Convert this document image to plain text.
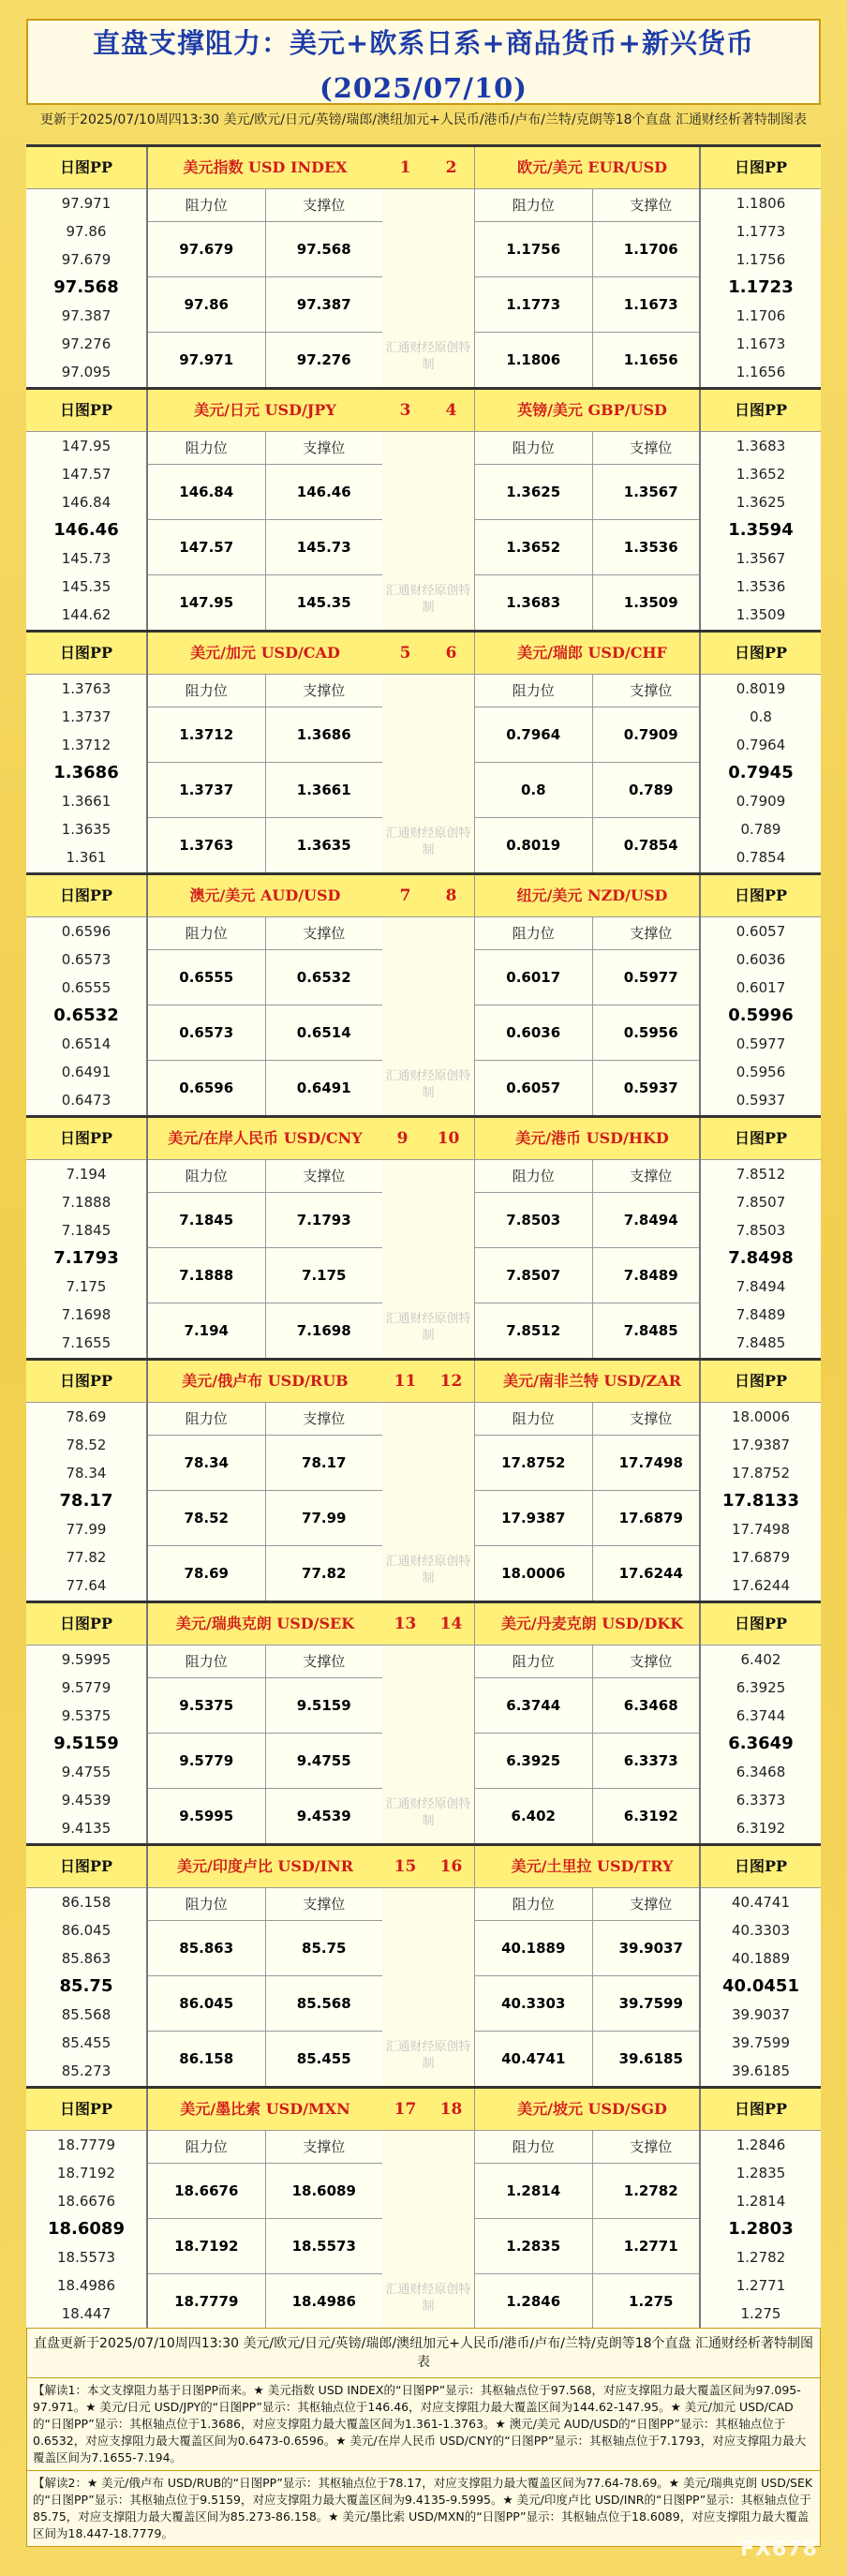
直盘支撑阻力：美元+欧系日系+商品货币+新兴货币(2025/07/10)
更新于2025/07/10周四13:30 美元/欧元/日元/英镑/瑞郎/澳纽加元+人民币/港币/卢布/兰特/克朗等18个直盘 汇通财经析著特制图表
日图PP
97.971
97.86
97.679
97.568
97.387
97.276
97.095
美元指数 USD INDEX
阻力位	支撑位
97.679	97.568
97.86	97.387
97.971	97.276
1 2
汇通财经原创特制
欧元/美元 EUR/USD
阻力位	支撑位
1.1756	1.1706
1.1773	1.1673
1.1806	1.1656
日图PP
1.1806
1.1773
1.1756
1.1723
1.1706
1.1673
1.1656
日图PP
147.95
147.57
146.84
146.46
145.73
145.35
144.62
美元/日元 USD/JPY
阻力位	支撑位
146.84	146.46
147.57	145.73
147.95	145.35
3 4
汇通财经原创特制
英镑/美元 GBP/USD
阻力位	支撑位
1.3625	1.3567
1.3652	1.3536
1.3683	1.3509
日图PP
1.3683
1.3652
1.3625
1.3594
1.3567
1.3536
1.3509
日图PP
1.3763
1.3737
1.3712
1.3686
1.3661
1.3635
1.361
美元/加元 USD/CAD
阻力位	支撑位
1.3712	1.3686
1.3737	1.3661
1.3763	1.3635
5 6
汇通财经原创特制
美元/瑞郎 USD/CHF
阻力位	支撑位
0.7964	0.7909
0.8	0.789
0.8019	0.7854
日图PP
0.8019
0.8
0.7964
0.7945
0.7909
0.789
0.7854
日图PP
0.6596
0.6573
0.6555
0.6532
0.6514
0.6491
0.6473
澳元/美元 AUD/USD
阻力位	支撑位
0.6555	0.6532
0.6573	0.6514
0.6596	0.6491
7 8
汇通财经原创特制
纽元/美元 NZD/USD
阻力位	支撑位
0.6017	0.5977
0.6036	0.5956
0.6057	0.5937
日图PP
0.6057
0.6036
0.6017
0.5996
0.5977
0.5956
0.5937
日图PP
7.194
7.1888
7.1845
7.1793
7.175
7.1698
7.1655
美元/在岸人民币 USD/CNY
阻力位	支撑位
7.1845	7.1793
7.1888	7.175
7.194	7.1698
9 10
汇通财经原创特制
美元/港币 USD/HKD
阻力位	支撑位
7.8503	7.8494
7.8507	7.8489
7.8512	7.8485
日图PP
7.8512
7.8507
7.8503
7.8498
7.8494
7.8489
7.8485
日图PP
78.69
78.52
78.34
78.17
77.99
77.82
77.64
美元/俄卢布 USD/RUB
阻力位	支撑位
78.34	78.17
78.52	77.99
78.69	77.82
11 12
汇通财经原创特制
美元/南非兰特 USD/ZAR
阻力位	支撑位
17.8752	17.7498
17.9387	17.6879
18.0006	17.6244
日图PP
18.0006
17.9387
17.8752
17.8133
17.7498
17.6879
17.6244
日图PP
9.5995
9.5779
9.5375
9.5159
9.4755
9.4539
9.4135
美元/瑞典克朗 USD/SEK
阻力位	支撑位
9.5375	9.5159
9.5779	9.4755
9.5995	9.4539
13 14
汇通财经原创特制
美元/丹麦克朗 USD/DKK
阻力位	支撑位
6.3744	6.3468
6.3925	6.3373
6.402	6.3192
日图PP
6.402
6.3925
6.3744
6.3649
6.3468
6.3373
6.3192
日图PP
86.158
86.045
85.863
85.75
85.568
85.455
85.273
美元/印度卢比 USD/INR
阻力位	支撑位
85.863	85.75
86.045	85.568
86.158	85.455
15 16
汇通财经原创特制
美元/土里拉 USD/TRY
阻力位	支撑位
40.1889	39.9037
40.3303	39.7599
40.4741	39.6185
日图PP
40.4741
40.3303
40.1889
40.0451
39.9037
39.7599
39.6185
日图PP
18.7779
18.7192
18.6676
18.6089
18.5573
18.4986
18.447
美元/墨比索 USD/MXN
阻力位	支撑位
18.6676	18.6089
18.7192	18.5573
18.7779	18.4986
17 18
汇通财经原创特制
美元/坡元 USD/SGD
阻力位	支撑位
1.2814	1.2782
1.2835	1.2771
1.2846	1.275
日图PP
1.2846
1.2835
1.2814
1.2803
1.2782
1.2771
1.275
直盘更新于2025/07/10周四13:30 美元/欧元/日元/英镑/瑞郎/澳纽加元+人民币/港币/卢布/兰特/克朗等18个直盘 汇通财经析著特制图表
【解读1：本文支撑阻力基于日图PP而来。★ 美元指数 USD INDEX的“日图PP”显示：其枢轴点位于97.568，对应支撑阻力最大覆盖区间为97.095-97.971。★ 美元/日元 USD/JPY的“日图PP”显示：其枢轴点位于146.46，对应支撑阻力最大覆盖区间为144.62-147.95。★ 美元/加元 USD/CAD的“日图PP”显示：其枢轴点位于1.3686，对应支撑阻力最大覆盖区间为1.361-1.3763。★ 澳元/美元 AUD/USD的“日图PP”显示：其枢轴点位于0.6532，对应支撑阻力最大覆盖区间为0.6473-0.6596。★ 美元/在岸人民币 USD/CNY的“日图PP”显示：其枢轴点位于7.1793，对应支撑阻力最大覆盖区间为7.1655-7.194。
【解读2：★ 美元/俄卢布 USD/RUB的“日图PP”显示：其枢轴点位于78.17，对应支撑阻力最大覆盖区间为77.64-78.69。★ 美元/瑞典克朗 USD/SEK的“日图PP”显示：其枢轴点位于9.5159，对应支撑阻力最大覆盖区间为9.4135-9.5995。★ 美元/印度卢比 USD/INR的“日图PP”显示：其枢轴点位于85.75，对应支撑阻力最大覆盖区间为85.273-86.158。★ 美元/墨比索 USD/MXN的“日图PP”显示：其枢轴点位于18.6089，对应支撑阻力最大覆盖区间为18.447-18.7779。
FX678
